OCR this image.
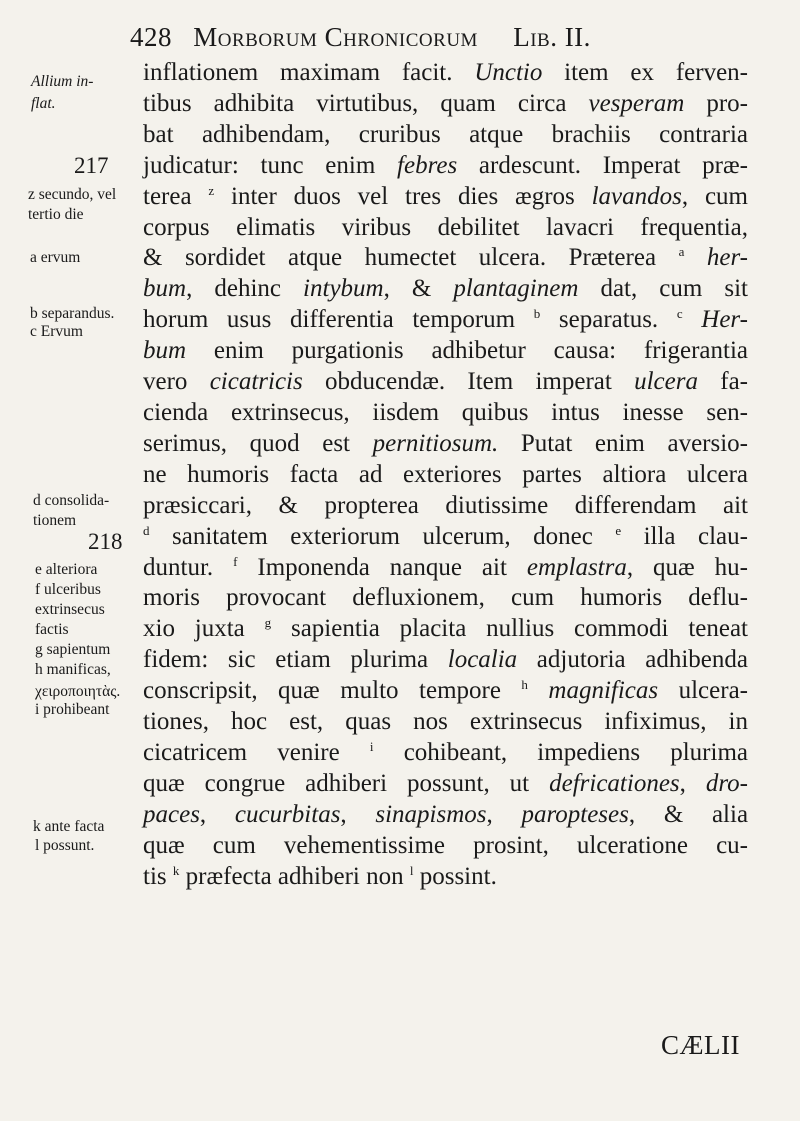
428 Morborum Chronicorum Lib. II.
inflationem maximam facit. Unctio item ex ferven-
tibus adhibita virtutibus, quam circa vesperam pro-
bat adhibendam, cruribus atque brachiis contraria
judicatur: tunc enim febres ardescunt. Imperat præ-
terea $^z$ inter duos vel tres dies ægros lavandos, cum
corpus elimatis viribus debilitet lavacri frequentia,
& sordidet atque humectet ulcera. Præterea $^a$ her-
bum, dehinc intybum, & plantaginem dat, cum sit
horum usus differentia temporum $^b$ separatus. $^c$ Her-
bum enim purgationis adhibetur causa: frigerantia
vero cicatricis obducendæ. Item imperat ulcera fa-
cienda extrinsecus, iisdem quibus intus inesse sen-
serimus, quod est pernitiosum. Putat enim aversio-
ne humoris facta ad exteriores partes altiora ulcera
præsiccari, & propterea diutissime differendam ait
$^d$ sanitatem exteriorum ulcerum, donec $^e$ illa clau-
duntur. $^f$ Imponenda nanque ait emplastra, quæ hu-
moris provocant defluxionem, cum humoris deflu-
xio juxta $^g$ sapientia placita nullius commodi teneat
fidem: sic etiam plurima localia adjutoria adhibenda
conscripsit, quæ multo tempore $^h$ magnificas ulcera-
tiones, hoc est, quas nos extrinsecus infiximus, in
cicatricem venire $^i$ cohibeant, impediens plurima
quæ congrue adhiberi possunt, ut defricationes, dro-
paces, cucurbitas, sinapismos, paropteses, & alia
quæ cum vehementissime prosint, ulceratione cu-
tis $^k$ præfecta adhiberi non $^l$ possint.
Allium in-
flat.
217
z secundo, vel
tertio die
a ervum
b separandus.
c Ervum
d consolida-
tionem
218
e alteriora
f ulceribus
extrinsecus
factis
g sapientum
h manificas,
χειρoποιητὰς.
i prohibeant
k ante facta
l possunt.
CÆLII
